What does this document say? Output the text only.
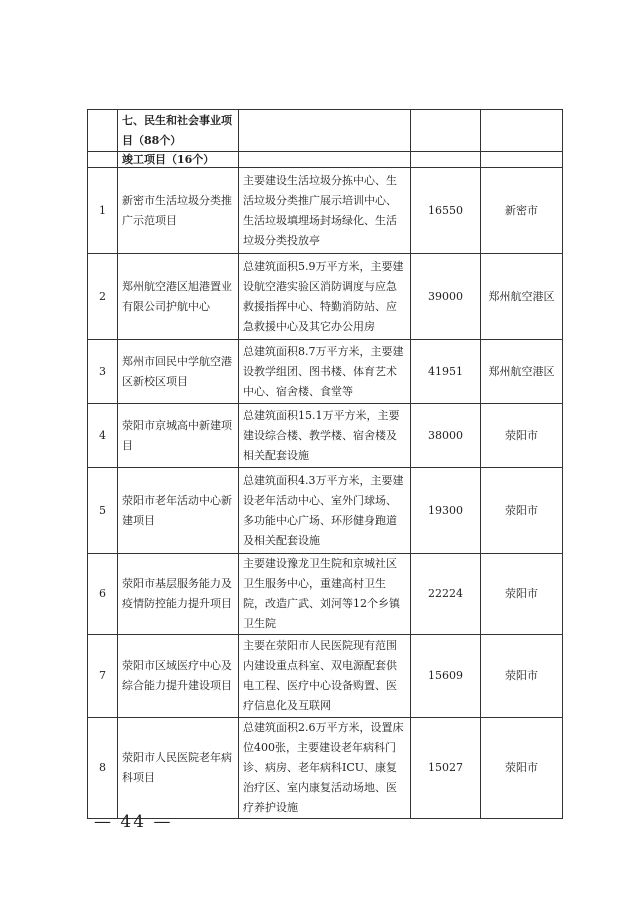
	七、民生和社会事业项目（88个）			
	竣工项目（16个）			
1	新密市生活垃圾分类推广示范项目	主要建设生活垃圾分拣中心、生活垃圾分类推广展示培训中心、生活垃圾填埋场封场绿化、生活垃圾分类投放亭	16550	新密市
2	郑州航空港区旭港置业有限公司护航中心	总建筑面积5.9万平方米，主要建设航空港实验区消防调度与应急救援指挥中心、特勤消防站、应急救援中心及其它办公用房	39000	郑州航空港区
3	郑州市回民中学航空港区新校区项目	总建筑面积8.7万平方米，主要建设教学组团、图书楼、体育艺术中心、宿舍楼、食堂等	41951	郑州航空港区
4	荥阳市京城高中新建项目	总建筑面积15.1万平方米，主要建设综合楼、教学楼、宿舍楼及相关配套设施	38000	荥阳市
5	荥阳市老年活动中心新建项目	总建筑面积4.3万平方米，主要建设老年活动中心、室外门球场、多功能中心广场、环形健身跑道及相关配套设施	19300	荥阳市
6	荥阳市基层服务能力及疫情防控能力提升项目	主要建设豫龙卫生院和京城社区卫生服务中心，重建高村卫生院，改造广武、刘河等12个乡镇卫生院	22224	荥阳市
7	荥阳市区域医疗中心及综合能力提升建设项目	主要在荥阳市人民医院现有范围内建设重点科室、双电源配套供电工程、医疗中心设备购置、医疗信息化及互联网	15609	荥阳市
8	荥阳市人民医院老年病科项目	总建筑面积2.6万平方米，设置床位400张，主要建设老年病科门诊、病房、老年病科ICU、康复治疗区、室内康复活动场地、医疗养护设施	15027	荥阳市
— 44 —
